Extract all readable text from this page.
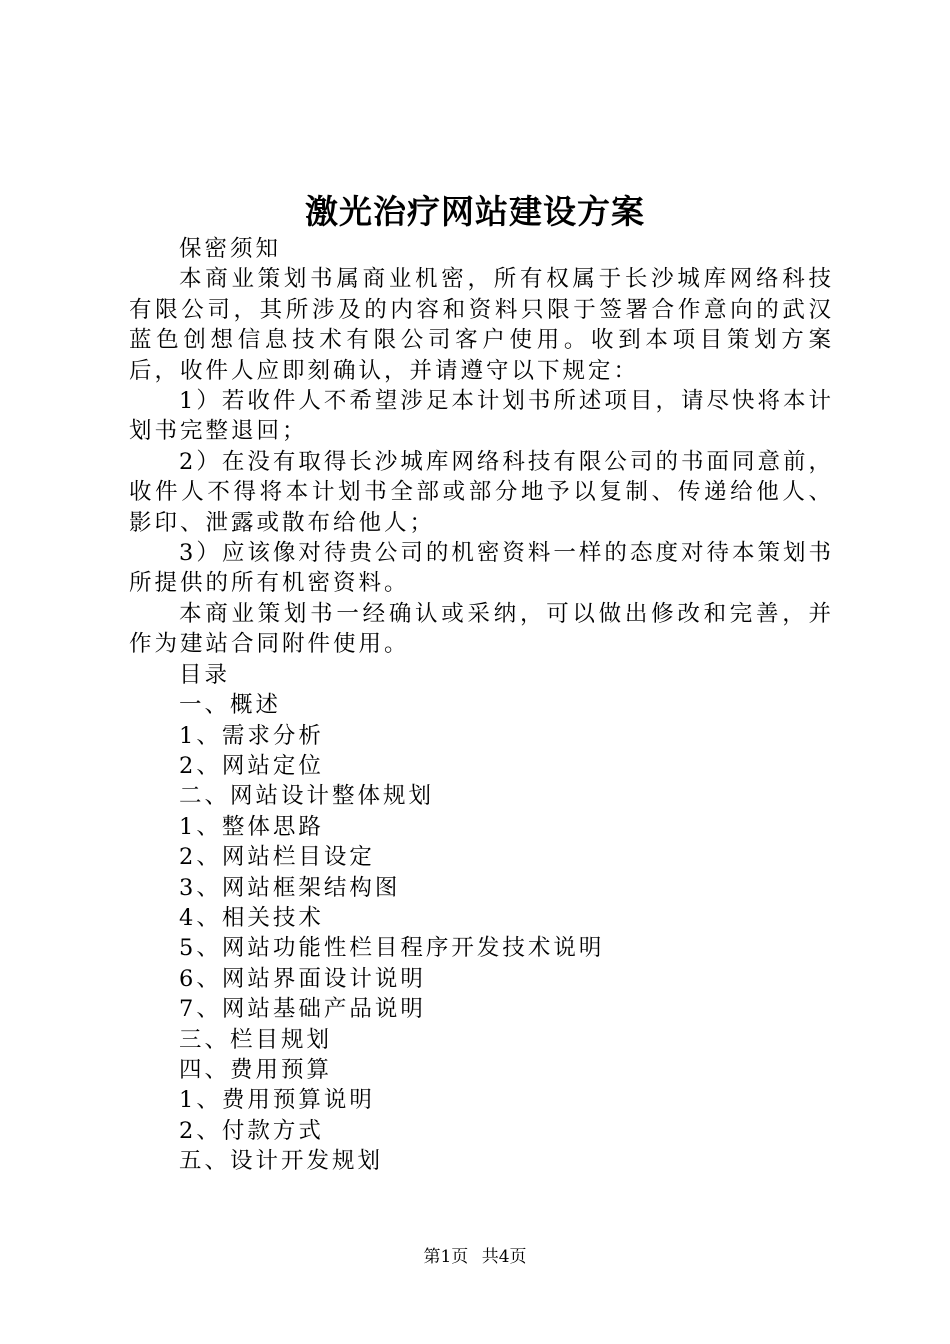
激光治疗网站建设方案

保密须知

本商业策划书属商业机密，所有权属于长沙城库网络科技有限公司，其所涉及的内容和资料只限于签署合作意向的武汉蓝色创想信息技术有限公司客户使用。收到本项目策划方案后，收件人应即刻确认，并请遵守以下规定：

1）若收件人不希望涉足本计划书所述项目，请尽快将本计划书完整退回；

2）在没有取得长沙城库网络科技有限公司的书面同意前，收件人不得将本计划书全部或部分地予以复制、传递给他人、影印、泄露或散布给他人；

3）应该像对待贵公司的机密资料一样的态度对待本策划书所提供的所有机密资料。

本商业策划书一经确认或采纳，可以做出修改和完善，并作为建站合同附件使用。

目录
一、概述
1、需求分析
2、网站定位
二、网站设计整体规划
1、整体思路
2、网站栏目设定
3、网站框架结构图
4、相关技术
5、网站功能性栏目程序开发技术说明
6、网站界面设计说明
7、网站基础产品说明
三、栏目规划
四、费用预算
1、费用预算说明
2、付款方式
五、设计开发规划
第1页 共4页
